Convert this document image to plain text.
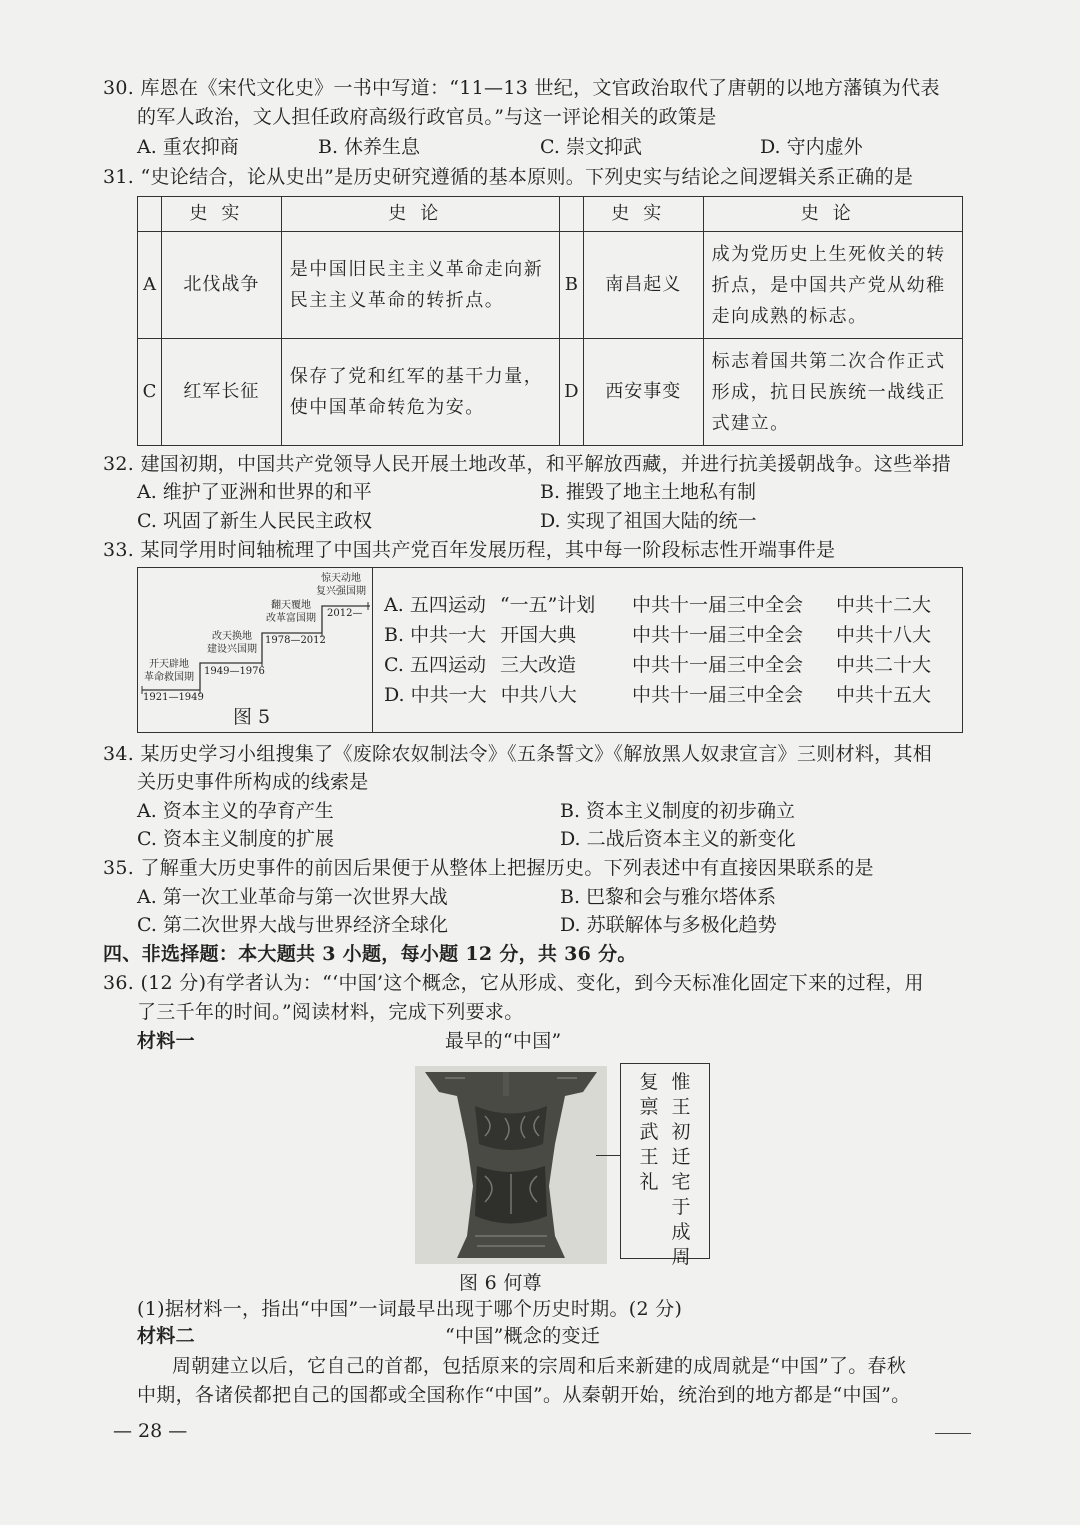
30. 库恩在《宋代文化史》一书中写道：“11—13 世纪，文官政治取代了唐朝的以地方藩镇为代表
的军人政治，文人担任政府高级行政官员。”与这一评论相关的政策是
A. 重农抑商	B. 休养生息	C. 崇文抑武	D. 守内虚外
31. “史论结合，论从史出”是历史研究遵循的基本原则。下列史实与结论之间逻辑关系正确的是
	史实	史论		史实	史论
A	北伐战争	是中国旧民主主义革命走向新民主主义革命的转折点。	B	南昌起义	成为党历史上生死攸关的转折点，是中国共产党从幼稚走向成熟的标志。
C	红军长征	保存了党和红军的基干力量，使中国革命转危为安。	D	西安事变	标志着国共第二次合作正式形成，抗日民族统一战线正式建立。
32. 建国初期，中国共产党领导人民开展土地改革，和平解放西藏，并进行抗美援朝战争。这些举措
A. 维护了亚洲和世界的和平	B. 摧毁了地主土地私有制
C. 巩固了新生人民民主政权	D. 实现了祖国大陆的统一
33. 某同学用时间轴梳理了中国共产党百年发展历程，其中每一阶段标志性开端事件是
开天辟地
革命救国期
1921—1949
改天换地
建设兴国期
1949—1976
翻天覆地
改革富国期
1978—2012
惊天动地
复兴强国期
2012—
图 5
A. 五四运动 “一五”计划 中共十一届三中全会 中共十二大
B. 中共一大 开国大典	中共十一届三中全会 中共十八大
C. 五四运动 三大改造	中共十一届三中全会 中共二十大
D. 中共一大 中共八大	中共十一届三中全会 中共十五大
34. 某历史学习小组搜集了《废除农奴制法令》《五条誓文》《解放黑人奴隶宣言》三则材料，其相
关历史事件所构成的线索是
A. 资本主义的孕育产生	B. 资本主义制度的初步确立
C. 资本主义制度的扩展	D. 二战后资本主义的新变化
35. 了解重大历史事件的前因后果便于从整体上把握历史。下列表述中有直接因果联系的是
A. 第一次工业革命与第一次世界大战	B. 巴黎和会与雅尔塔体系
C. 第二次世界大战与世界经济全球化	D. 苏联解体与多极化趋势
四、非选择题：本大题共 3 小题，每小题 12 分，共 36 分。
36. (12 分)有学者认为：“‘中国’这个概念，它从形成、变化，到今天标准化固定下来的过程，用
了三千年的时间。”阅读材料，完成下列要求。
材料一	最早的“中国”
惟王初迁宅于成周
复禀武王礼
图 6 何尊
(1)据材料一，指出“中国”一词最早出现于哪个历史时期。(2 分)
材料二	“中国”概念的变迁
周朝建立以后，它自己的首都，包括原来的宗周和后来新建的成周就是“中国”了。春秋
中期，各诸侯都把自己的国都或全国称作“中国”。从秦朝开始，统治到的地方都是“中国”。
— 28 —
